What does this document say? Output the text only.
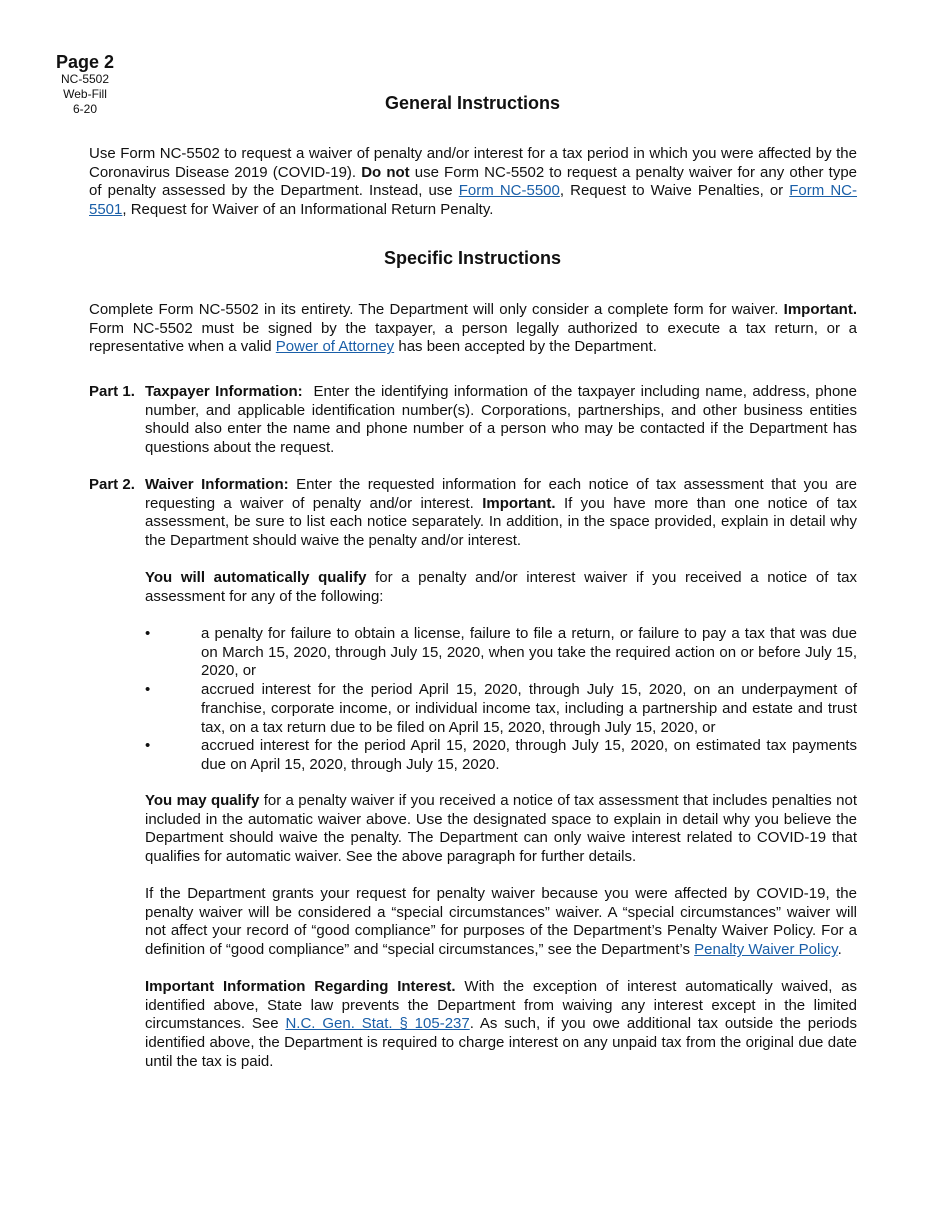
Page 2
NC-5502
Web-Fill
6-20	General Instructions

Use Form NC-5502 to request a waiver of penalty and/or interest for a tax period in which you were affected by the Coronavirus Disease 2019 (COVID-19). Do not use Form NC-5502 to request a penalty waiver for any other type of penalty assessed by the Department. Instead, use Form NC-5500, Request to Waive Penalties, or Form NC-5501, Request for Waiver of an Informational Return Penalty.

Specific Instructions

Complete Form NC-5502 in its entirety. The Department will only consider a complete form for waiver. Important. Form NC-5502 must be signed by the taxpayer, a person legally authorized to execute a tax return, or a representative when a valid Power of Attorney has been accepted by the Department.

Part 1. Taxpayer Information: Enter the identifying information of the taxpayer including name, address, phone number, and applicable identification number(s). Corporations, partnerships, and other business entities should also enter the name and phone number of a person who may be contacted if the Department has questions about the request.
Part 2. Waiver Information: Enter the requested information for each notice of tax assessment that you are requesting a waiver of penalty and/or interest. Important. If you have more than one notice of tax assessment, be sure to list each notice separately. In addition, in the space provided, explain in detail why the Department should waive the penalty and/or interest.

You will automatically qualify for a penalty and/or interest waiver if you received a notice of tax assessment for any of the following:

•	a penalty for failure to obtain a license, failure to file a return, or failure to pay a tax that was due on March 15, 2020, through July 15, 2020, when you take the required action on or before July 15, 2020, or
•	accrued interest for the period April 15, 2020, through July 15, 2020, on an underpayment of franchise, corporate income, or individual income tax, including a partnership and estate and trust tax, on a tax return due to be filed on April 15, 2020, through July 15, 2020, or
•	accrued interest for the period April 15, 2020, through July 15, 2020, on estimated tax payments due on April 15, 2020, through July 15, 2020.

You may qualify for a penalty waiver if you received a notice of tax assessment that includes penalties not included in the automatic waiver above. Use the designated space to explain in detail why you believe the Department should waive the penalty. The Department can only waive interest related to COVID-19 that qualifies for automatic waiver. See the above paragraph for further details.

If the Department grants your request for penalty waiver because you were affected by COVID-19, the penalty waiver will be considered a “special circumstances” waiver. A “special circumstances” waiver will not affect your record of “good compliance” for purposes of the Department’s Penalty Waiver Policy. For a definition of “good compliance” and “special circumstances,” see the Department’s Penalty Waiver Policy.

Important Information Regarding Interest. With the exception of interest automatically waived, as identified above, State law prevents the Department from waiving any interest except in the limited circumstances. See N.C. Gen. Stat. § 105-237. As such, if you owe additional tax outside the periods identified above, the Department is required to charge interest on any unpaid tax from the original due date until the tax is paid.
